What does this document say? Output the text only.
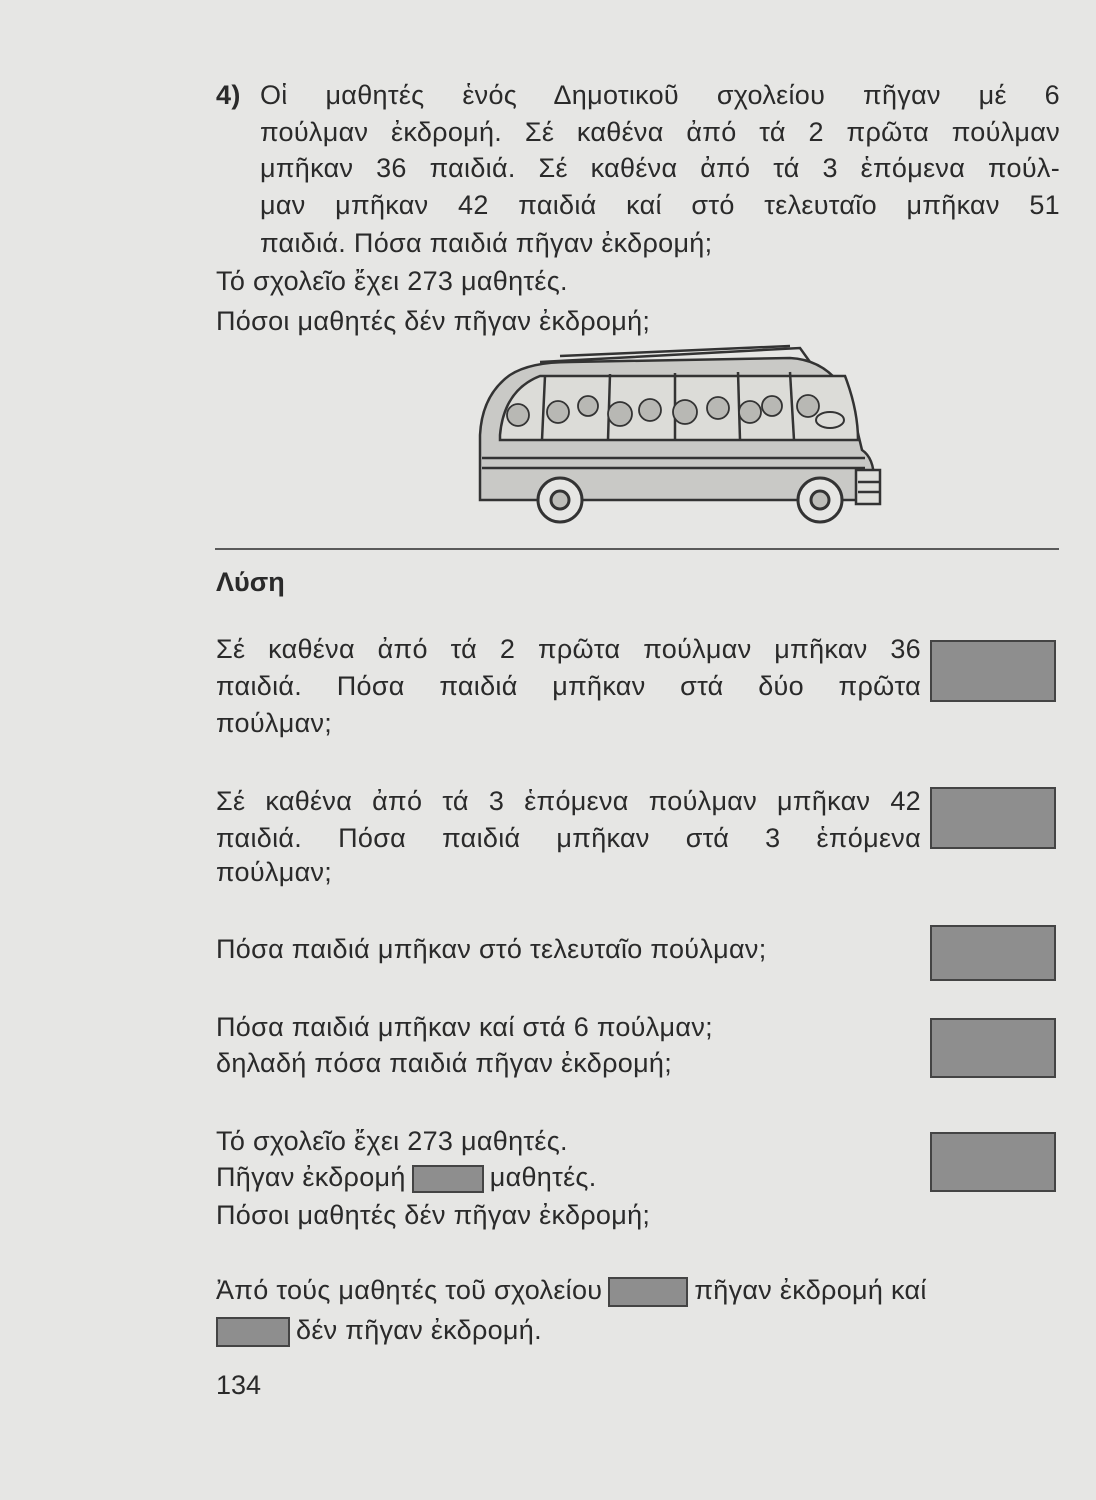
4) Οἱ μαθητές ἑνός Δημοτικοῦ σχολείου πῆγαν μέ 6
πούλμαν ἐκδρομή. Σέ καθένα ἀπό τά 2 πρῶτα πούλμαν
μπῆκαν 36 παιδιά. Σέ καθένα ἀπό τά 3 ἑπόμενα πούλ-
μαν μπῆκαν 42 παιδιά καί στό τελευταῖο μπῆκαν 51
παιδιά. Πόσα παιδιά πῆγαν ἐκδρομή;
Τό σχολεῖο ἔχει 273 μαθητές.
Πόσοι μαθητές δέν πῆγαν ἐκδρομή;
Λύση
Σέ καθένα ἀπό τά 2 πρῶτα πούλμαν μπῆκαν 36
παιδιά. Πόσα παιδιά μπῆκαν στά δύο πρῶτα
πούλμαν;
Σέ καθένα ἀπό τά 3 ἑπόμενα πούλμαν μπῆκαν 42
παιδιά. Πόσα παιδιά μπῆκαν στά 3 ἑπόμενα
πούλμαν;
Πόσα παιδιά μπῆκαν στό τελευταῖο πούλμαν;
Πόσα παιδιά μπῆκαν καί στά 6 πούλμαν;
δηλαδή πόσα παιδιά πῆγαν ἐκδρομή;
Τό σχολεῖο ἔχει 273 μαθητές.
Πῆγαν ἐκδρομή	μαθητές.
Πόσοι μαθητές δέν πῆγαν ἐκδρομή;
Ἀπό τούς μαθητές τοῦ σχολείου	πῆγαν ἐκδρομή καί
δέν πῆγαν ἐκδρομή.
134
